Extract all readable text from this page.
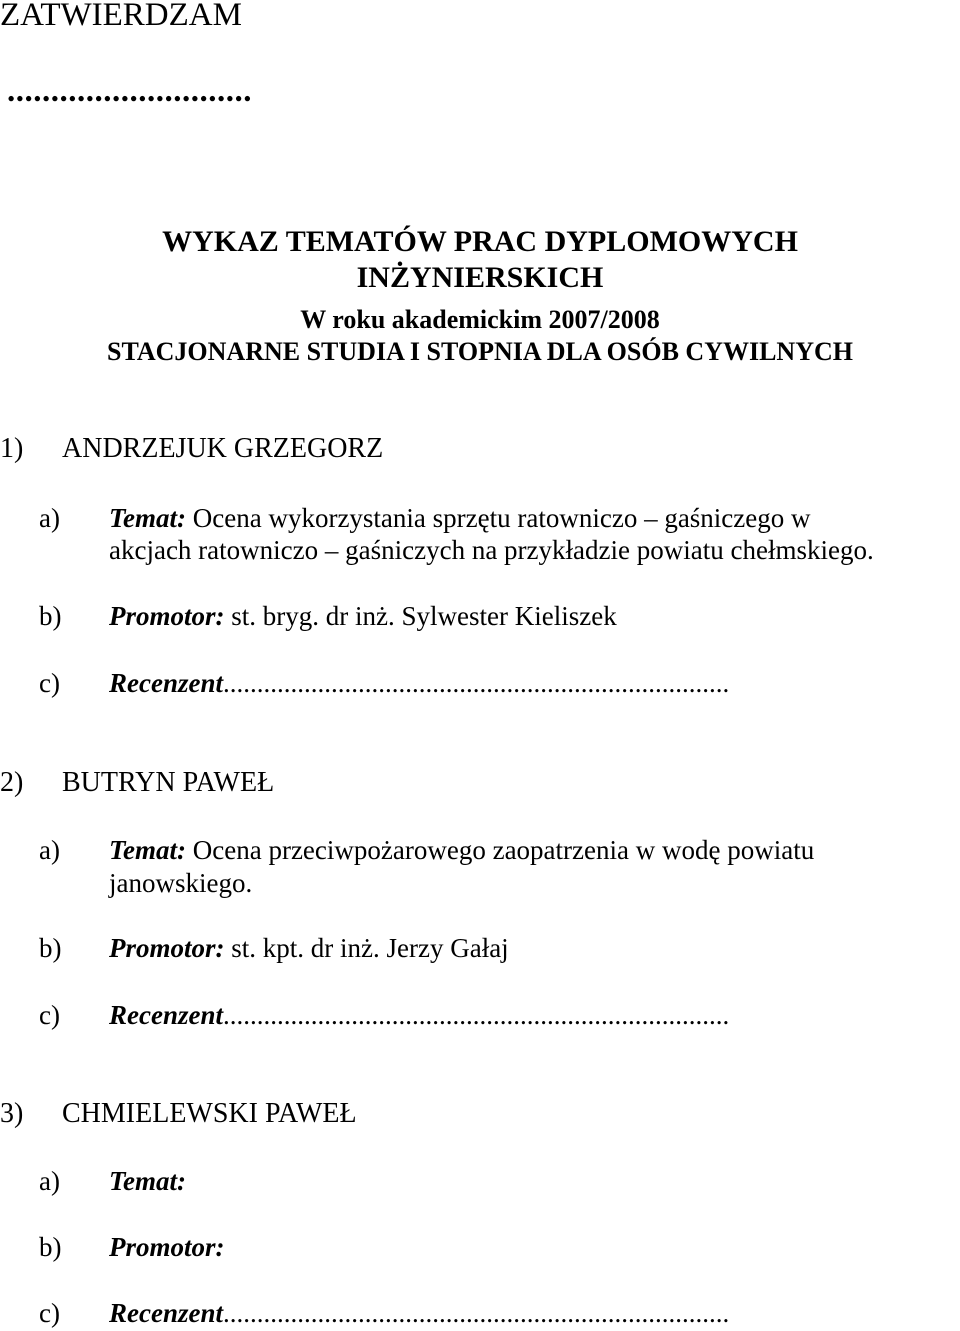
ZATWIERDZAM
............................
WYKAZ TEMATÓW PRAC DYPLOMOWYCH
INŻYNIERSKICH
W roku akademickim 2007/2008
STACJONARNE STUDIA I STOPNIA DLA OSÓB CYWILNYCH
1) ANDRZEJUK GRZEGORZ
a) Temat: Ocena wykorzystania sprzętu ratowniczo – gaśniczego w
akcjach ratowniczo – gaśniczych na przykładzie powiatu chełmskiego.
b) Promotor: st. bryg. dr inż. Sylwester Kieliszek
c) Recenzent...........................................................................
2) BUTRYN PAWEŁ
a) Temat: Ocena przeciwpożarowego zaopatrzenia w wodę powiatu
janowskiego.
b) Promotor: st. kpt. dr inż. Jerzy Gałaj
c) Recenzent...........................................................................
3) CHMIELEWSKI PAWEŁ
a) Temat:
b) Promotor:
c) Recenzent...........................................................................
